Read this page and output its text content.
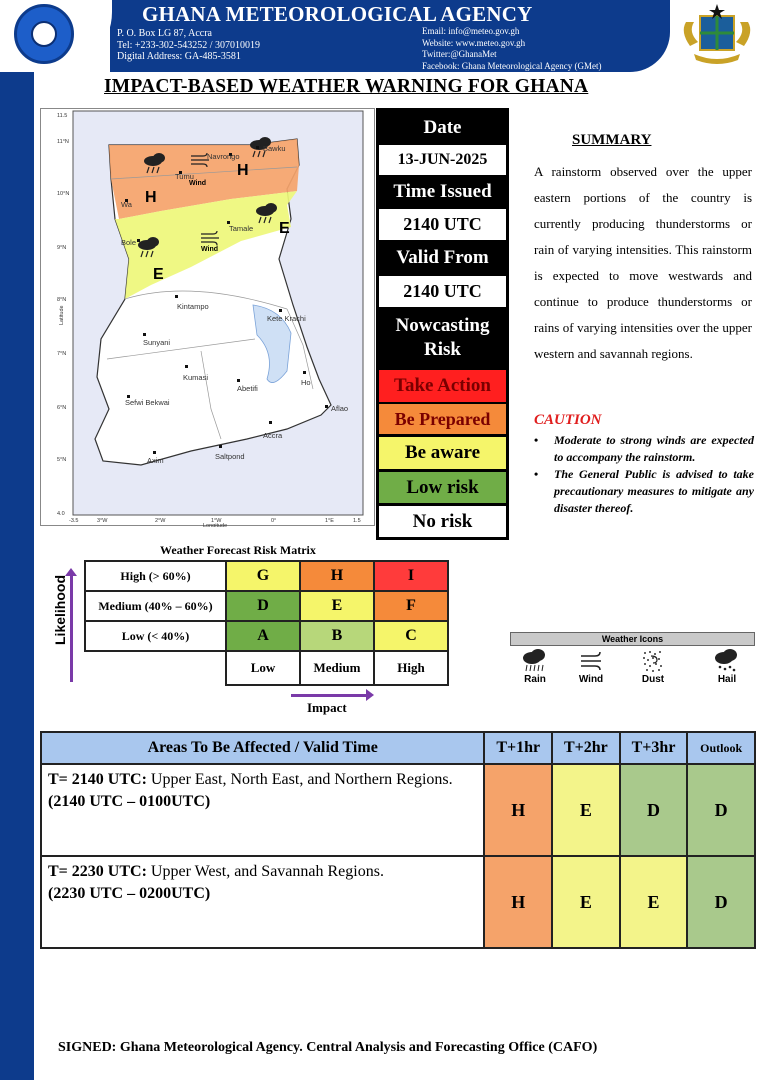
GHANA METEOROLOGICAL AGENCY
P. O. Box LG 87, Accra
Tel: +233-302-543252 / 307010019
Digital Address: GA-485-3581
Email: info@meteo.gov.gh
Website: www.meteo.gov.gh
Twitter:@GhanaMet
Facebook: Ghana Meteorological Agency (GMet)
IMPACT-BASED WEATHER WARNING FOR GHANA
Wind
Wind
H
H
E
E
Bawku
Navrongo
Tumu
Wa
Bole
Tamale
Kete Krachi
Kintampo
Sunyani
Kumasi
Abetifi
Ho
Sefwi Bekwai
Accra
Aflao
Axim	Saltpond
11.5
11°N
10°N
9°N
8°N
7°N
6°N
5°N
4.0
-3.5	3°W	2°W	1°W	0°	1°E	1.5
Longitude
Latitude
Date
13-JUN-2025
Time Issued
2140 UTC
Valid From
2140 UTC
Nowcasting Risk
Take Action
Be Prepared
Be aware
Low risk
No risk
SUMMARY
A rainstorm observed over the upper eastern portions of the country is currently producing thunderstorms or rain of varying intensities. This rainstorm is expected to move westwards and continue to produce thunderstorms or rains of varying intensities over the upper western and savannah regions.
CAUTION
• Moderate to strong winds are expected to accompany the rainstorm.
• The General Public is advised to take precautionary measures to mitigate any disaster thereof.
Weather Forecast Risk Matrix
Likelihood	High (> 60%)	G	H	I
Medium (40% – 60%)	D	E	F
Low (< 40%)	A	B	C
	Low	Medium	High
Impact
Weather Icons
Rain	Wind	Dust	Hail
Areas To Be Affected / Valid Time	T+1hr	T+2hr	T+3hr	Outlook
T= 2140 UTC: Upper East, North East, and Northern Regions.
(2140 UTC – 0100UTC)	H	E	D	D
T= 2230 UTC: Upper West, and Savannah Regions.
(2230 UTC – 0200UTC)	H	E	E	D
SIGNED: Ghana Meteorological Agency. Central Analysis and Forecasting Office (CAFO)
